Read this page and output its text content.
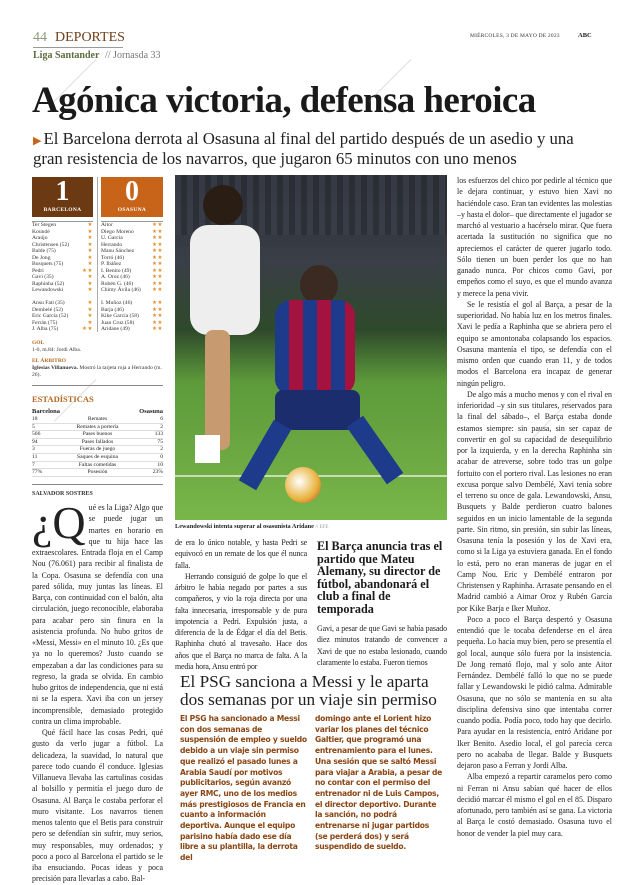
44 DEPORTES
Liga Santander // Jornasda 33
MIÉRCOLES, 3 DE MAYO DE 2023	ABC
Agónica victoria, defensa heroica
▶ El Barcelona derrota al Osasuna al final del partido después de un asedio y una gran resistencia de los navarros, que jugaron 65 minutos con uno menos
1
BARCELONA
0
OSASUNA
Ter Stegen	★
Koundé	★
Araújo	★
Christensen (52)	★
Balde (75)	★
De Jong	★
Busquets (75)	★
Pedri	★★
Gavi (35)	★
Raphinha (52)	★
Lewandowski	★
Ansu Fati (35)	★
Dembelé (52)	★
Eric García (52)	★
Ferrán (75)	★
J. Alba (75)	★★
Aitor	★★
Diego Moreno	★★
U. García	★★
Herrando	★★
Manu Sánchez	★★
Torró (46)	★★
P. Ibáñez	★★
I. Benito (49)	★★
A. Oroz (46)	★★
Rubén G. (46)	★★
Chimy Ávila (46) ★★
I. Muñoz (46)	★★
Barja (46)	★★
Kike García (58) ★★
Juan Cruz (58)	★★
Aridane (49)	★★
GOL
1-0, m.84: Jordi Alba.
EL ÁRBITRO
Iglesias Villanueva. Mostró la tarjeta roja a Herrando (m. 26).
ESTADÍSTICAS
Barcelona	Osasuna
18	Remates	6
5	Remates a portería	2
566	Pases buenos	133
94	Pases fallados	75
3	Fueras de juego	2
11	Saques de esquina	0
7	Faltas cometidas	10
77%	Posesión	23%
SALVADOR SOSTRES
¿Q ué es la Liga? Algo que se puede jugar un martes en horario en que tu hija hace las extraescolares. Entrada floja en el Camp Nou (76.061) para recibir al finalista de la Copa. Osasuna se defendía con una pared sólida, muy juntas las líneas. El Barça, con continuidad con el balón, alta circulación, juego reconocible, elaboraba para acabar pero sin finura en la asistencia profunda. No hubo gritos de «Messi, Messi» en el minuto 10. ¿Es que ya no lo queremos? Justo cuando se empezaban a dar las condiciones para su regreso, la grada se olvida. En cambio hubo gritos de independencia, que ni está ni se la espera. Xavi iba con un jersey incomprensible, demasiado protegido contra un clima improbable.

Qué fácil hace las cosas Pedri, qué gusto da verlo jugar a fútbol. La delicadeza, la suavidad, lo natural que parece todo cuando él conduce. Iglesias Villanueva llevaba las cartulinas cosidas al bolsillo y permitía el juego duro de Osasuna. Al Barça le costaba perforar el muro visitante. Los navarros tienen menos talento que el Betis para construir pero se defendían sin sufrir, muy serios, muy responsables, muy ordenados; y poco a poco al Barcelona el partido se le iba ensuciando. Pocas ideas y poca precisión para llevarlas a cabo. Bal-

Lewandowski intenta superar al osasunista Aridane // EFE

de era lo único notable, y hasta Pedri se equivocó en un remate de los que él nunca falla.

Herrando consiguió de golpe lo que el árbitro le había negado por partes a sus compañeros, y vio la roja directa por una falta innecesaria, irresponsable y de pura impotencia a Pedri. Expulsión justa, a diferencia de la de Édgar el día del Betis. Raphinha chutó al travesaño. Hace dos años que el Barça no marca de falta. A la media hora, Ansu entró por

El Barça anuncia tras el partido que Mateu Alemany, su director de fútbol, abandonará el club a final de temporada

Gavi, a pesar de que Gavi se había pasado diez minutos tratando de convencer a Xavi de que no estaba lesionado, cuando claramente lo estaba. Fueron tiernos

El PSG sanciona a Messi y le aparta dos semanas por un viaje sin permiso
El PSG ha sancionado a Messi con dos semanas de suspensión de empleo y sueldo debido a un viaje sin permiso que realizó el pasado lunes a Arabia Saudí por motivos publicitarios, según avanzó ayer RMC, uno de los medios más prestigiosos de Francia en cuanto a información deportiva. Aunque el equipo parisino había dado ese día libre a su plantilla, la derrota del
domingo ante el Lorient hizo variar los planes del técnico Galtier, que programó una entrenamiento para el lunes. Una sesión que se saltó Messi para viajar a Arabia, a pesar de no contar con el permiso del entrenador ni de Luis Campos, el director deportivo. Durante la sanción, no podrá entrenarse ni jugar partidos (se perderá dos) y será suspendido de sueldo.

los esfuerzos del chico por pedirle al técnico que le dejara continuar, y estuvo bien Xavi no haciéndole caso. Eran tan evidentes las molestias –y hasta el dolor– que directamente el jugador se marchó al vestuario a hacérselo mirar. Que fuera acertada la sustitución no significa que no apreciemos el carácter de querer jugarlo todo. Sólo tienen un buen perder los que no han ganado nunca. Por chicos como Gavi, por empeños como el suyo, es que el mundo avanza y merece la pena vivir.

Se le resistía el gol al Barça, a pesar de la superioridad. No había luz en los metros finales. Xavi le pedía a Raphinha que se abriera pero el equipo se amontonaba colapsando los espacios. Osasuna mantenía el tipo, se defendía con el mismo orden que cuando eran 11, y de todos modos el Barcelona era incapaz de generar ningún peligro.

De algo más a mucho menos y con el rival en inferioridad –y sin sus titulares, reservados para la final del sábado–, el Barça estaba donde estamos siempre: sin pausa, sin ser capaz de convertir en gol su capacidad de desequilibrio por la izquierda, y en la derecha Raphinha sin acabar de atreverse, sobre todo tras un golpe fortuito con el portero rival. Las lesiones no eran excusa porque salvo Dembélé, Xavi tenía sobre el terreno su once de gala. Lewandowski, Ansu, Busquets y Balde perdieron cuatro balones seguidos en un inicio lamentable de la segunda parte. Sin ritmo, sin presión, sin subir las líneas, Osasuna tenía la posesión y los de Xavi era, como si la Liga ya estuviera ganada. En el fondo lo está, pero no eran maneras de jugar en el Camp Nou. Eric y Dembélé entraron por Christensen y Raphinha. Arrasate pensando en el Madrid cambió a Aimar Oroz y Rubén García por Kike Barja e Iker Muñoz.

Poco a poco el Barça despertó y Osasuna entendió que le tocaba defenderse en el área pequeña. Lo hacía muy bien, pero se presentía el gol local, aunque sólo fuera por la insistencia. De Jong remató flojo, mal y solo ante Aitor Fernández. Dembélé falló lo que no se puede fallar y Lewandowski le pidió calma. Admirable Osasuna, que no sólo se mantenía en su alta disciplina defensiva sino que intentaba correr cuando podía. Podía poco, todo hay que decirlo. Para ayudar en la resistencia, entró Aridane por Iker Benito. Asedio local, el gol parecía cerca pero no acababa de llegar. Balde y Busquets dejaron paso a Ferran y Jordi Alba.

Alba empezó a repartir caramelos pero como ni Ferran ni Ansu sabían qué hacer de ellos decidió marcar él mismo el gol en el 85. Disparo afortunado, pero también así se gana. La victoria al Barça le costó demasiado. Osasuna tuvo el honor de vender la piel muy cara.
